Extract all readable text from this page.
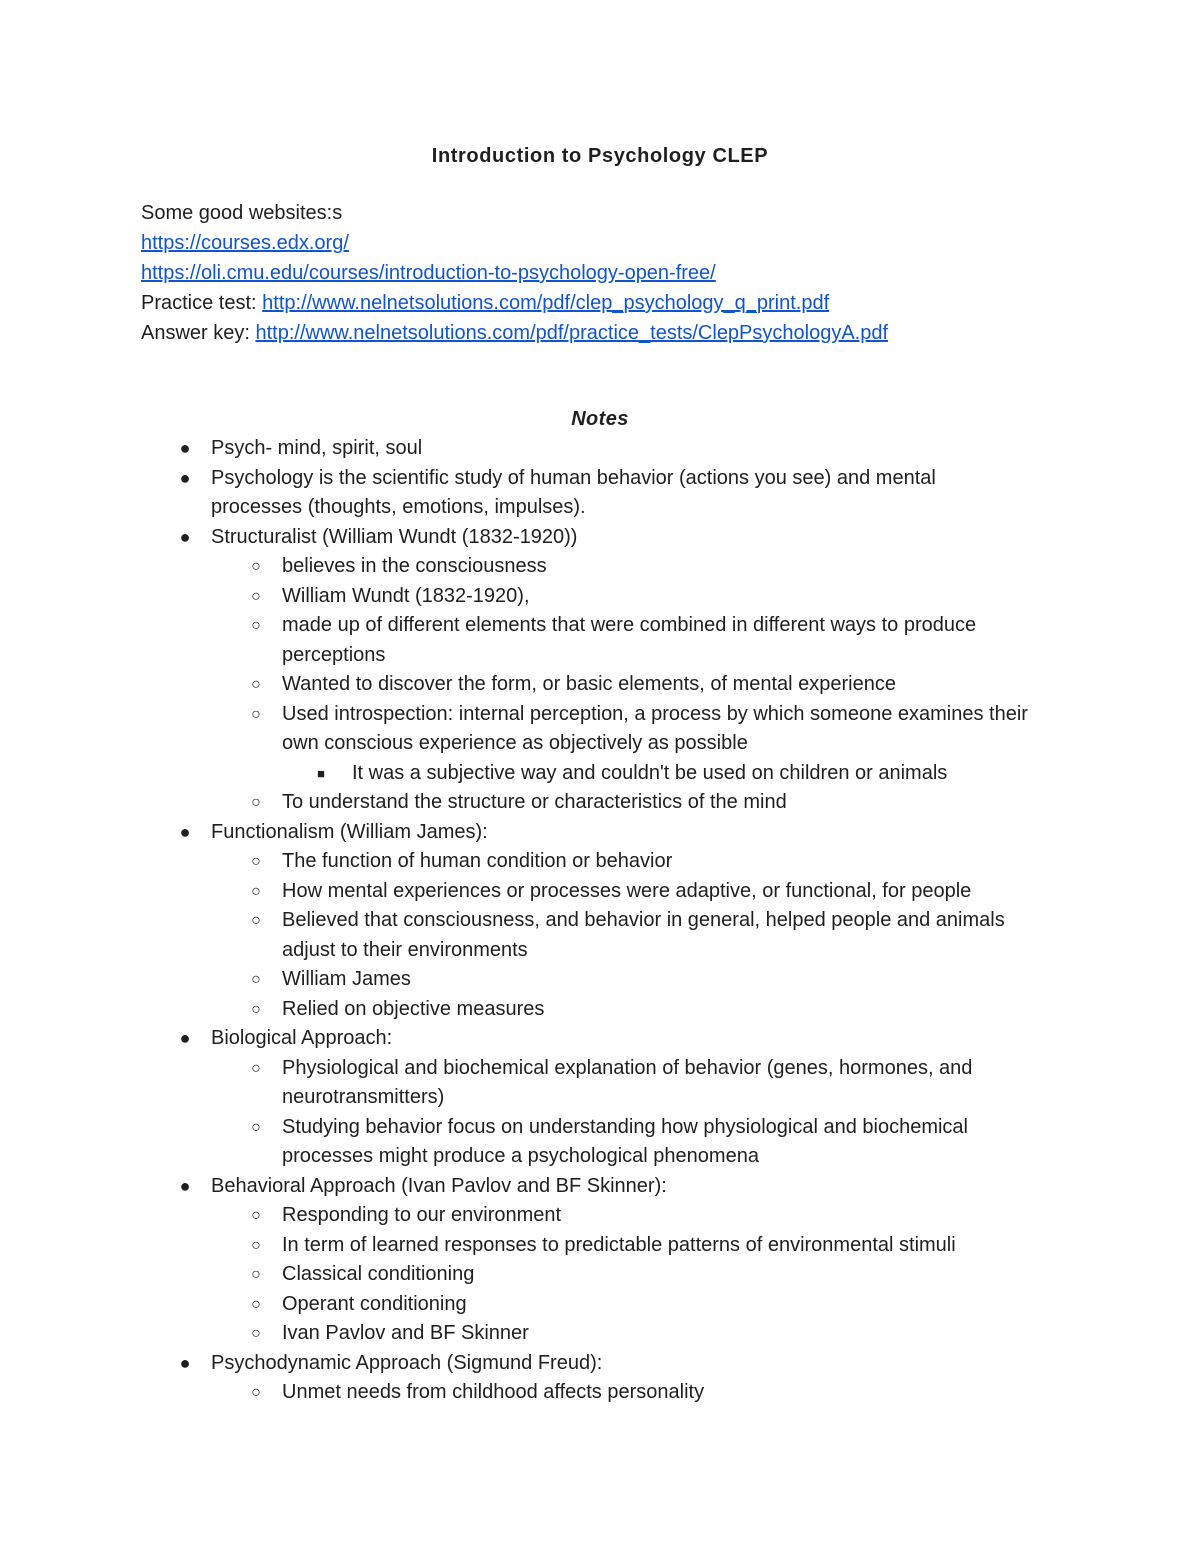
Introduction to Psychology CLEP
Some good websites:s
https://courses.edx.org/
https://oli.cmu.edu/courses/introduction-to-psychology-open-free/
Practice test: http://www.nelnetsolutions.com/pdf/clep_psychology_q_print.pdf
Answer key: http://www.nelnetsolutions.com/pdf/practice_tests/ClepPsychologyA.pdf
Notes
● Psych- mind, spirit, soul
● Psychology is the scientific study of human behavior (actions you see) and mental processes (thoughts, emotions, impulses).
● Structuralist (William Wundt (1832-1920))
○ believes in the consciousness
○ William Wundt (1832-1920),
○ made up of different elements that were combined in different ways to produce perceptions
○ Wanted to discover the form, or basic elements, of mental experience
○ Used introspection: internal perception, a process by which someone examines their own conscious experience as objectively as possible
■	It was a subjective way and couldn't be used on children or animals
○ To understand the structure or characteristics of the mind
● Functionalism (William James):
○ The function of human condition or behavior
○ How mental experiences or processes were adaptive, or functional, for people
○ Believed that consciousness, and behavior in general, helped people and animals adjust to their environments
○ William James
○ Relied on objective measures
● Biological Approach:
○ Physiological and biochemical explanation of behavior (genes, hormones, and neurotransmitters)
○ Studying behavior focus on understanding how physiological and biochemical processes might produce a psychological phenomena
● Behavioral Approach (Ivan Pavlov and BF Skinner):
○ Responding to our environment
○ In term of learned responses to predictable patterns of environmental stimuli
○ Classical conditioning
○ Operant conditioning
○ Ivan Pavlov and BF Skinner
● Psychodynamic Approach (Sigmund Freud):
○ Unmet needs from childhood affects personality
